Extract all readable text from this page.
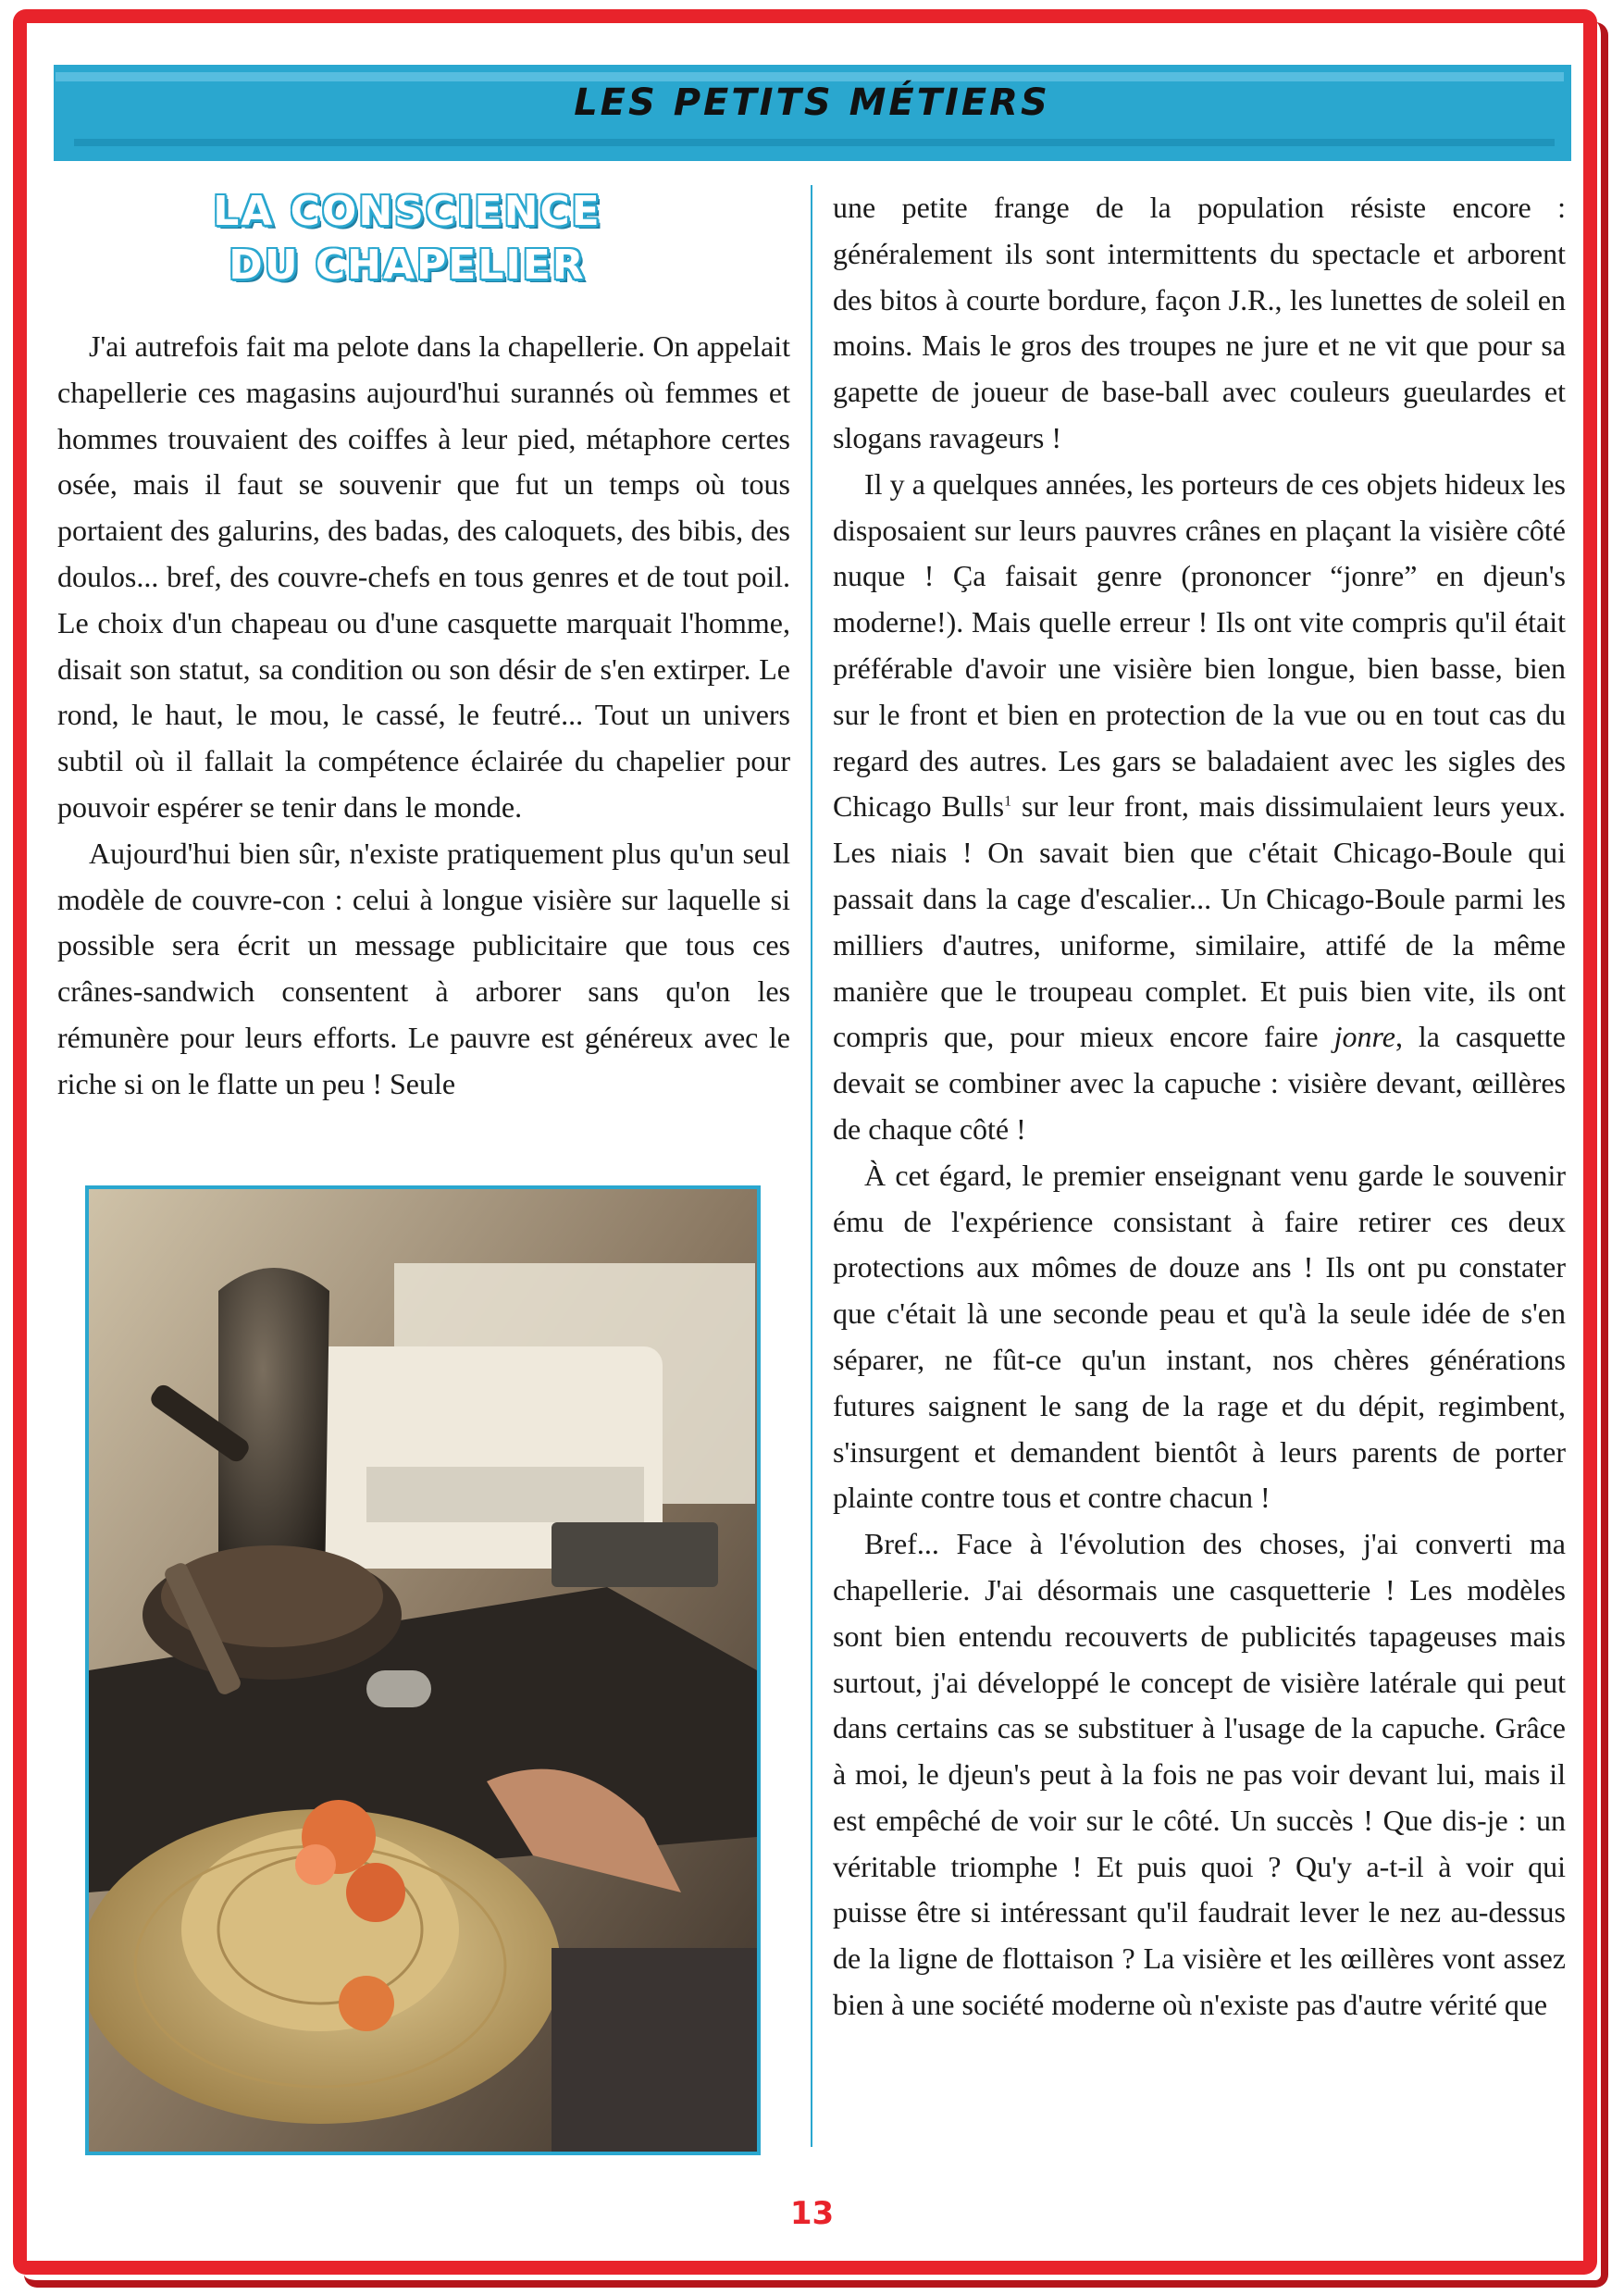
LES PETITS MÉTIERS
LA CONSCIENCE
DU CHAPELIER

J'ai autrefois fait ma pelote dans la chapellerie. On appelait chapellerie ces magasins aujourd'hui surannés où femmes et hommes trouvaient des coiffes à leur pied, métaphore certes osée, mais il faut se souvenir que fut un temps où tous portaient des galurins, des badas, des caloquets, des bibis, des doulos... bref, des couvre-chefs en tous genres et de tout poil. Le choix d'un chapeau ou d'une casquette marquait l'homme, disait son statut, sa condition ou son désir de s'en extirper. Le rond, le haut, le mou, le cassé, le feutré... Tout un univers subtil où il fallait la compétence éclairée du chapelier pour pouvoir espérer se tenir dans le monde.

Aujourd'hui bien sûr, n'existe pratiquement plus qu'un seul modèle de couvre-con : celui à longue visière sur laquelle si possible sera écrit un message publicitaire que tous ces crânes-sandwich consentent à arborer sans qu'on les rémunère pour leurs efforts. Le pauvre est généreux avec le riche si on le flatte un peu ! Seule

une petite frange de la population résiste encore : généralement ils sont intermittents du spectacle et arborent des bitos à courte bordure, façon J.R., les lunettes de soleil en moins. Mais le gros des troupes ne jure et ne vit que pour sa gapette de joueur de base-ball avec couleurs gueulardes et slogans ravageurs !

Il y a quelques années, les porteurs de ces objets hideux les disposaient sur leurs pauvres crânes en plaçant la visière côté nuque ! Ça faisait genre (prononcer “jonre” en djeun's moderne!). Mais quelle erreur ! Ils ont vite compris qu'il était préférable d'avoir une visière bien longue, bien basse, bien sur le front et bien en protection de la vue ou en tout cas du regard des autres. Les gars se baladaient avec les sigles des Chicago Bulls$^1$ sur leur front, mais dissimulaient leurs yeux. Les niais ! On savait bien que c'était Chicago-Boule qui passait dans la cage d'escalier... Un Chicago-Boule parmi les milliers d'autres, uniforme, similaire, attifé de la même manière que le troupeau complet. Et puis bien vite, ils ont compris que, pour mieux encore faire jonre, la casquette devait se combiner avec la capuche : visière devant, œillères de chaque côté !

À cet égard, le premier enseignant venu garde le souvenir ému de l'expérience consistant à faire retirer ces deux protections aux mômes de douze ans ! Ils ont pu constater que c'était là une seconde peau et qu'à la seule idée de s'en séparer, ne fût-ce qu'un instant, nos chères générations futures saignent le sang de la rage et du dépit, regimbent, s'insurgent et demandent bientôt à leurs parents de porter plainte contre tous et contre chacun !

Bref... Face à l'évolution des choses, j'ai converti ma chapellerie. J'ai désormais une casquetterie ! Les modèles sont bien entendu recouverts de publicités tapageuses mais surtout, j'ai développé le concept de visière latérale qui peut dans certains cas se substituer à l'usage de la capuche. Grâce à moi, le djeun's peut à la fois ne pas voir devant lui, mais il est empêché de voir sur le côté. Un succès ! Que dis-je : un véritable triomphe ! Et puis quoi ? Qu'y a-t-il à voir qui puisse être si intéressant qu'il faudrait lever le nez au-dessus de la ligne de flottaison ? La visière et les œillères vont assez bien à une société moderne où n'existe pas d'autre vérité que

13
